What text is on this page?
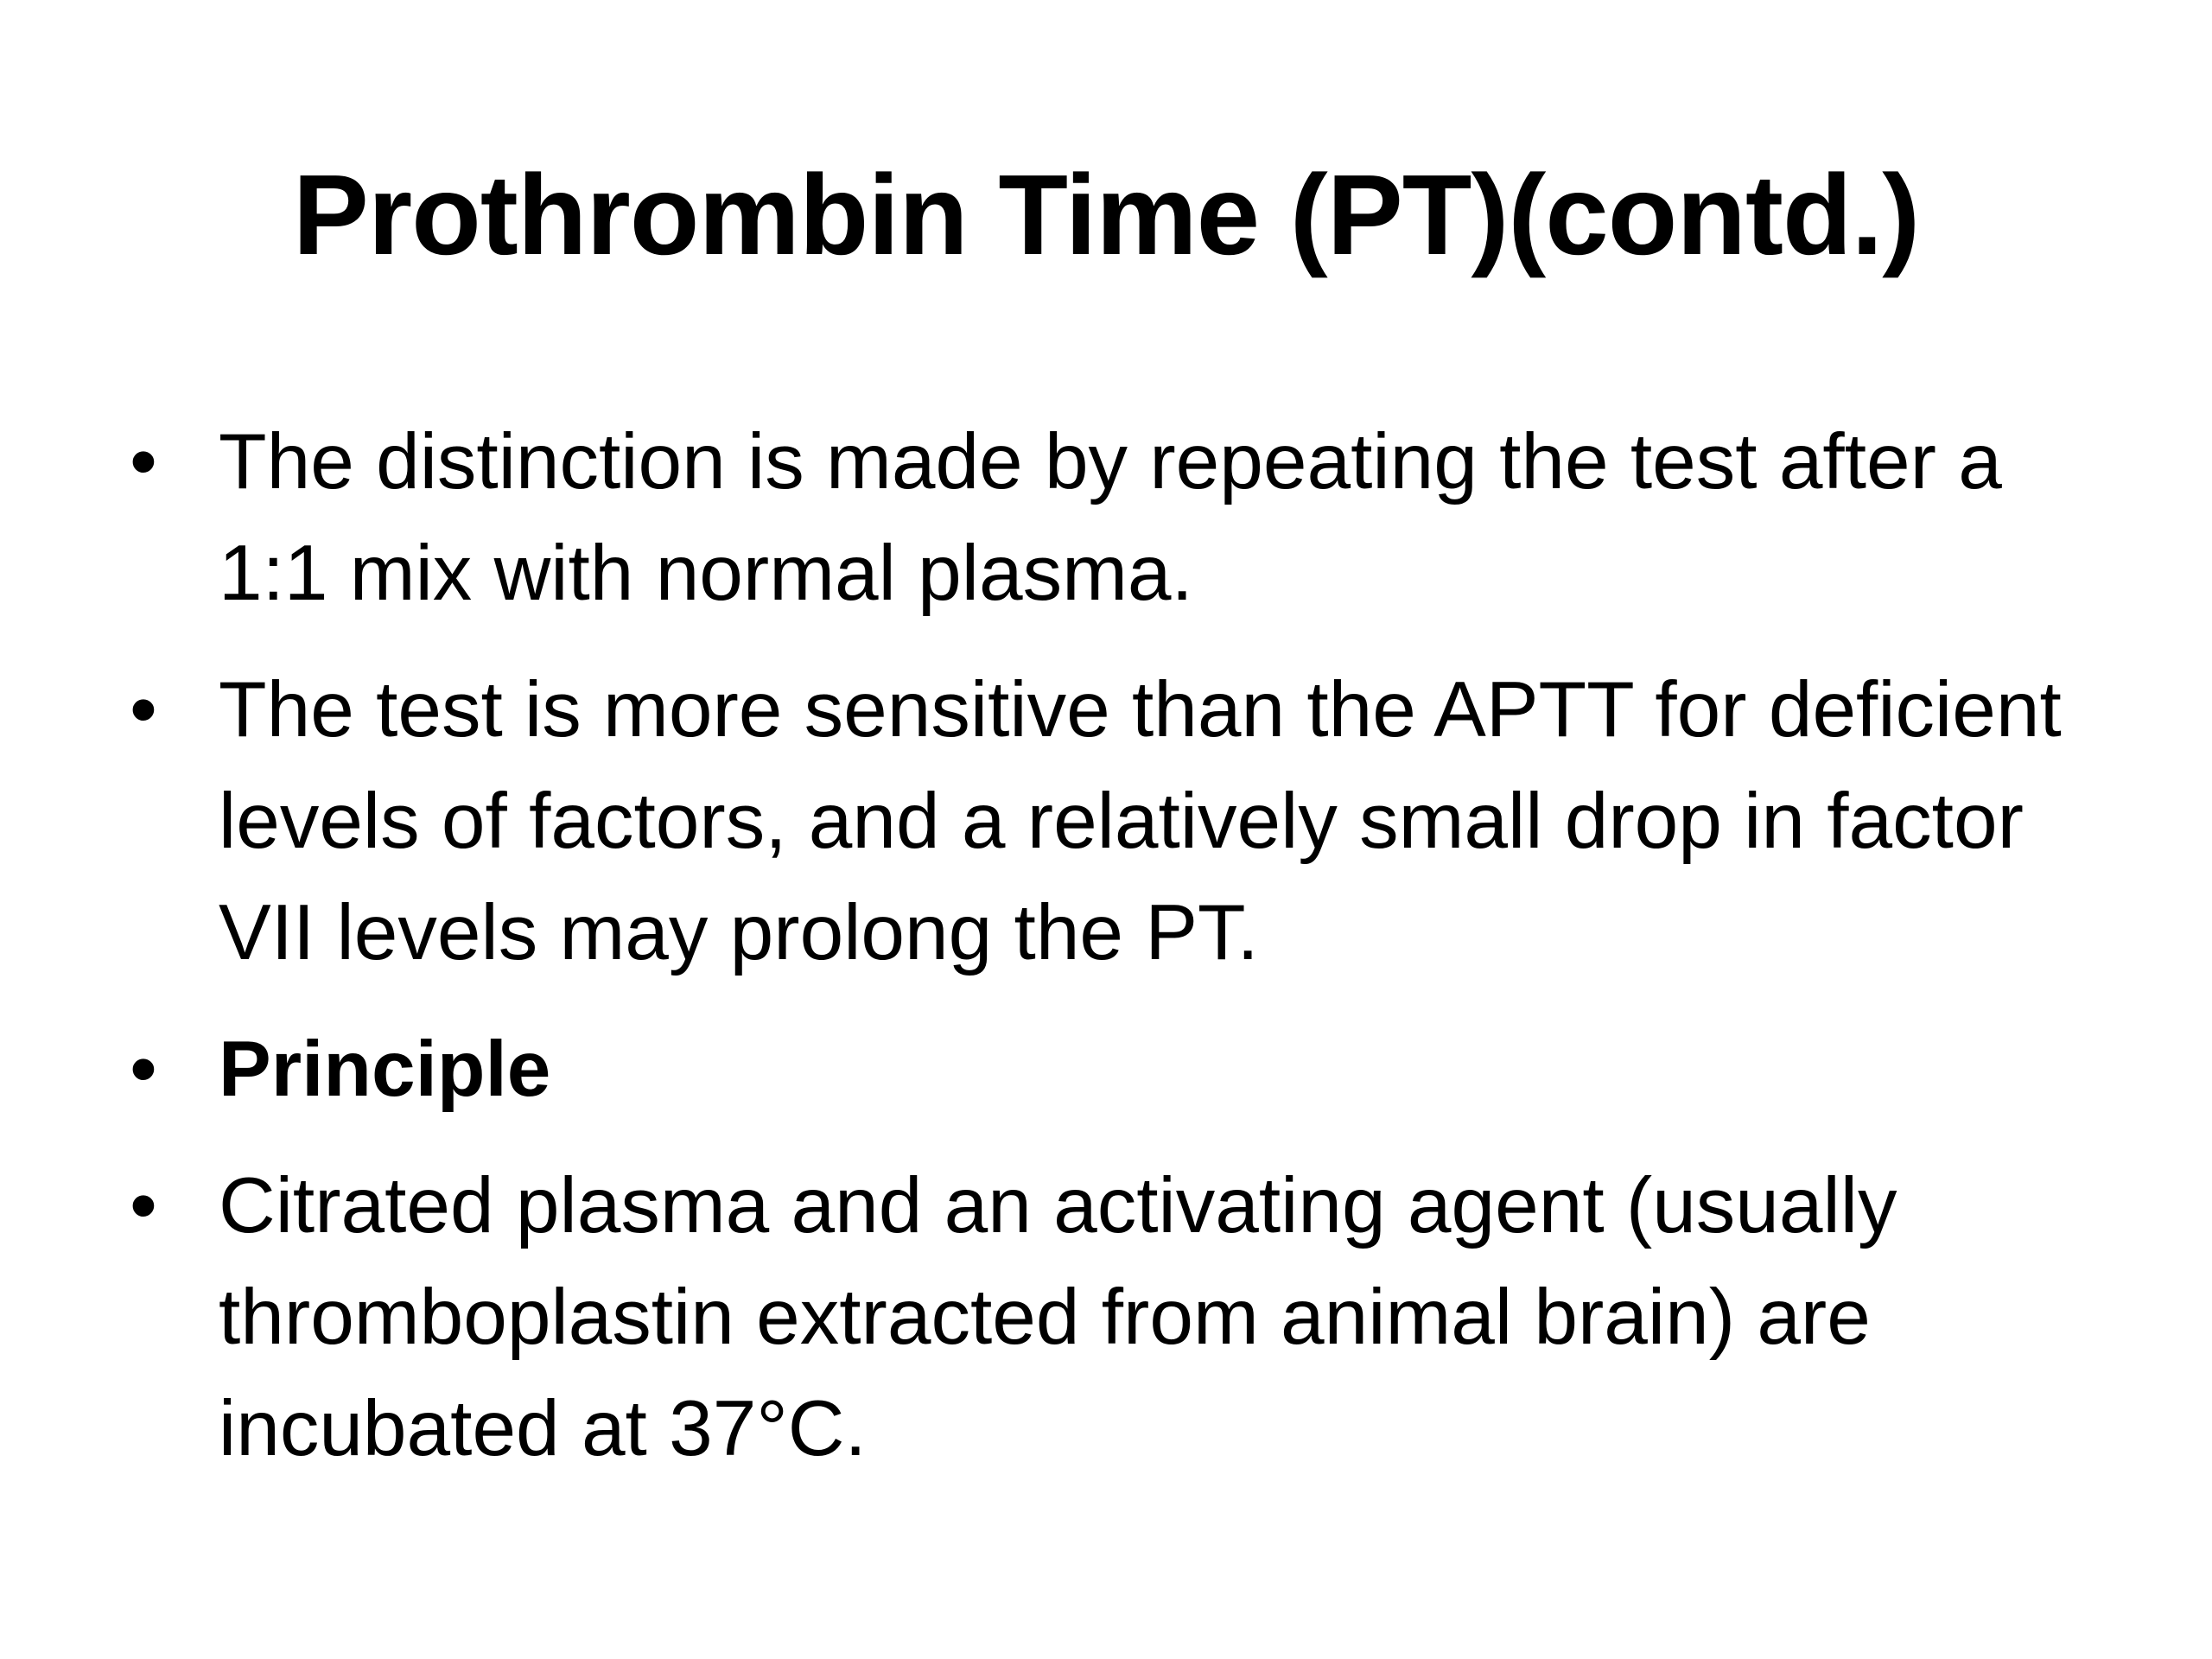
Prothrombin Time (PT)(contd.)
• The distinction is made by repeating the test after a 1:1 mix with normal plasma.
• The test is more sensitive than the APTT for deficient levels of factors, and a relatively small drop in factor VII levels may prolong the PT.
• Principle
• Citrated plasma and an activating agent (usually thromboplastin extracted from animal brain) are incubated at 37°C.
